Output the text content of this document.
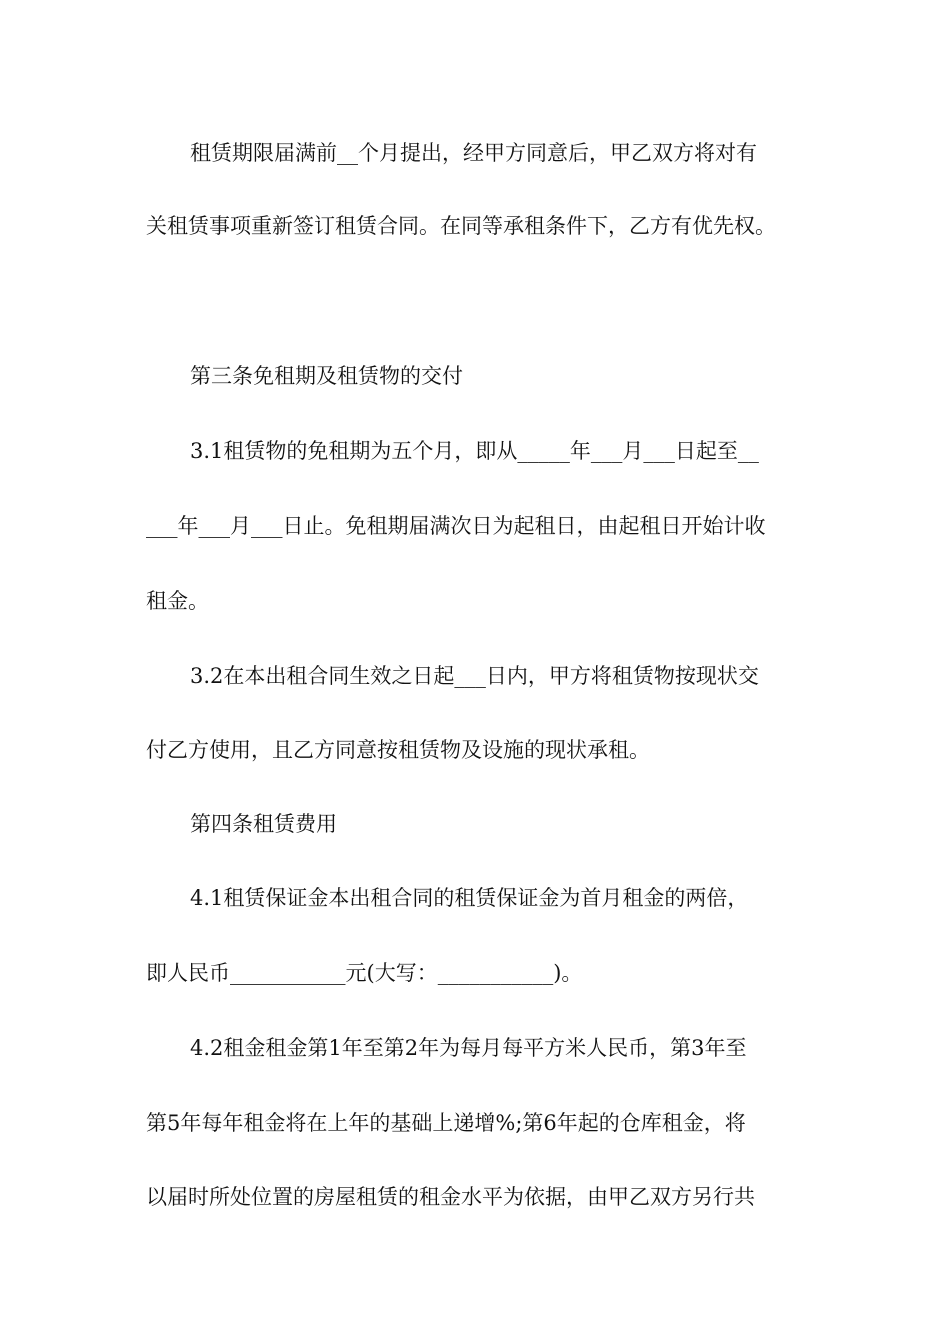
租赁期限届满前__个月提出，经甲方同意后，甲乙双方将对有
关租赁事项重新签订租赁合同。在同等承租条件下，乙方有优先权。
第三条免租期及租赁物的交付
3.1租赁物的免租期为五个月，即从_____年___月___日起至__
___年___月___日止。免租期届满次日为起租日，由起租日开始计收
租金。
3.2在本出租合同生效之日起___日内，甲方将租赁物按现状交
付乙方使用，且乙方同意按租赁物及设施的现状承租。
第四条租赁费用
4.1租赁保证金本出租合同的租赁保证金为首月租金的两倍，
即人民币___________元(大写：___________)。
4.2租金租金第1年至第2年为每月每平方米人民币，第3年至
第5年每年租金将在上年的基础上递增%;第6年起的仓库租金，将
以届时所处位置的房屋租赁的租金水平为依据，由甲乙双方另行共
